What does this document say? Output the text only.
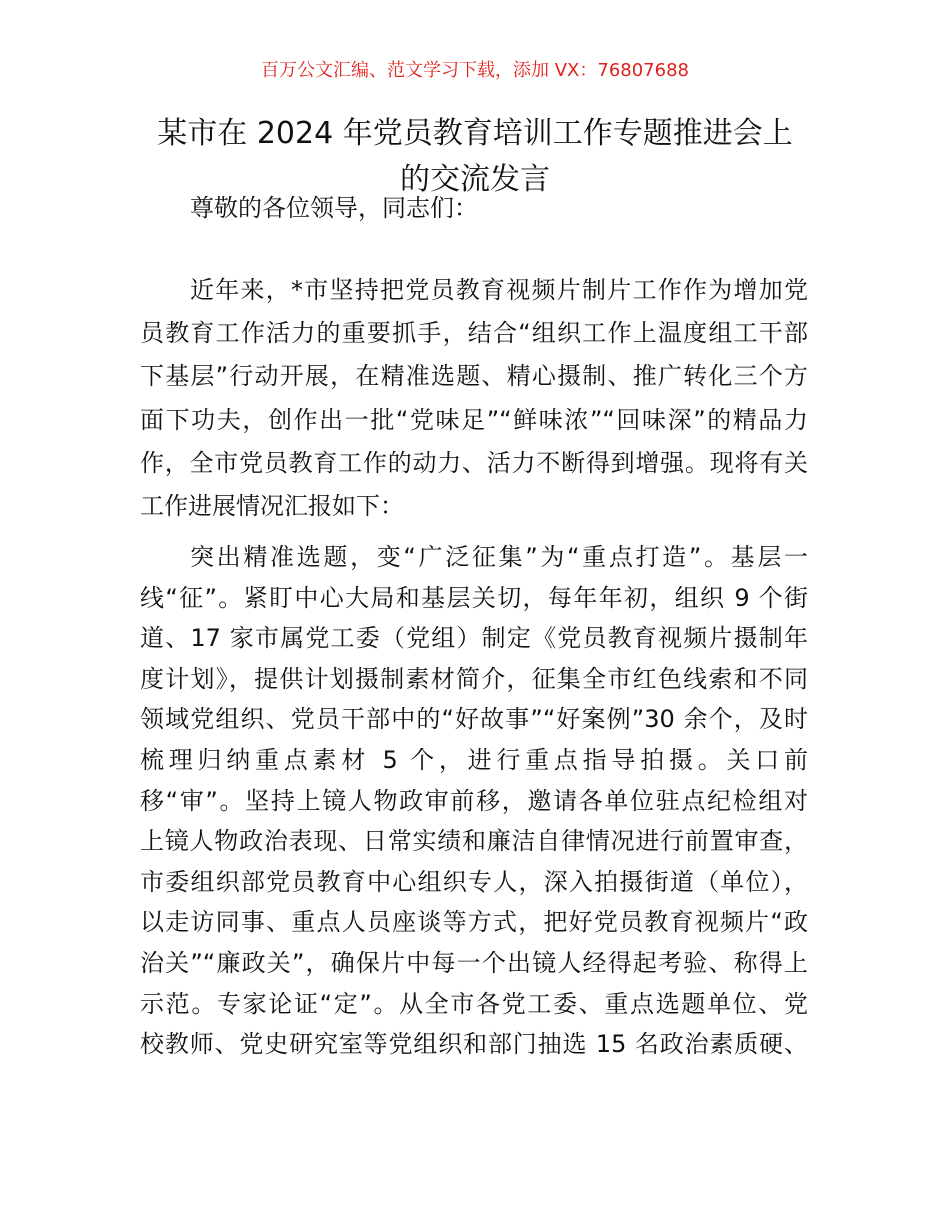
百万公文汇编、范文学习下载，添加 VX：76807688
某市在 2024 年党员教育培训工作专题推进会上
的交流发言
尊敬的各位领导，同志们：
近年来，*市坚持把党员教育视频片制片工作作为增加党
员教育工作活力的重要抓手，结合“组织工作上温度组工干部
下基层”行动开展，在精准选题、精心摄制、推广转化三个方
面下功夫，创作出一批“党味足”“鲜味浓”“回味深”的精品力
作，全市党员教育工作的动力、活力不断得到增强。现将有关
工作进展情况汇报如下：
突出精准选题，变“广泛征集”为“重点打造”。基层一
线“征”。紧盯中心大局和基层关切，每年年初，组织 9 个街
道、17 家市属党工委（党组）制定《党员教育视频片摄制年
度计划》，提供计划摄制素材简介，征集全市红色线索和不同
领域党组织、党员干部中的“好故事”“好案例”30 余个，及时
梳理归纳重点素材 5 个，进行重点指导拍摄。关口前
移“审”。坚持上镜人物政审前移，邀请各单位驻点纪检组对
上镜人物政治表现、日常实绩和廉洁自律情况进行前置审查，
市委组织部党员教育中心组织专人，深入拍摄街道（单位），
以走访同事、重点人员座谈等方式，把好党员教育视频片“政
治关”“廉政关”，确保片中每一个出镜人经得起考验、称得上
示范。专家论证“定”。从全市各党工委、重点选题单位、党
校教师、党史研究室等党组织和部门抽选 15 名政治素质硬、
